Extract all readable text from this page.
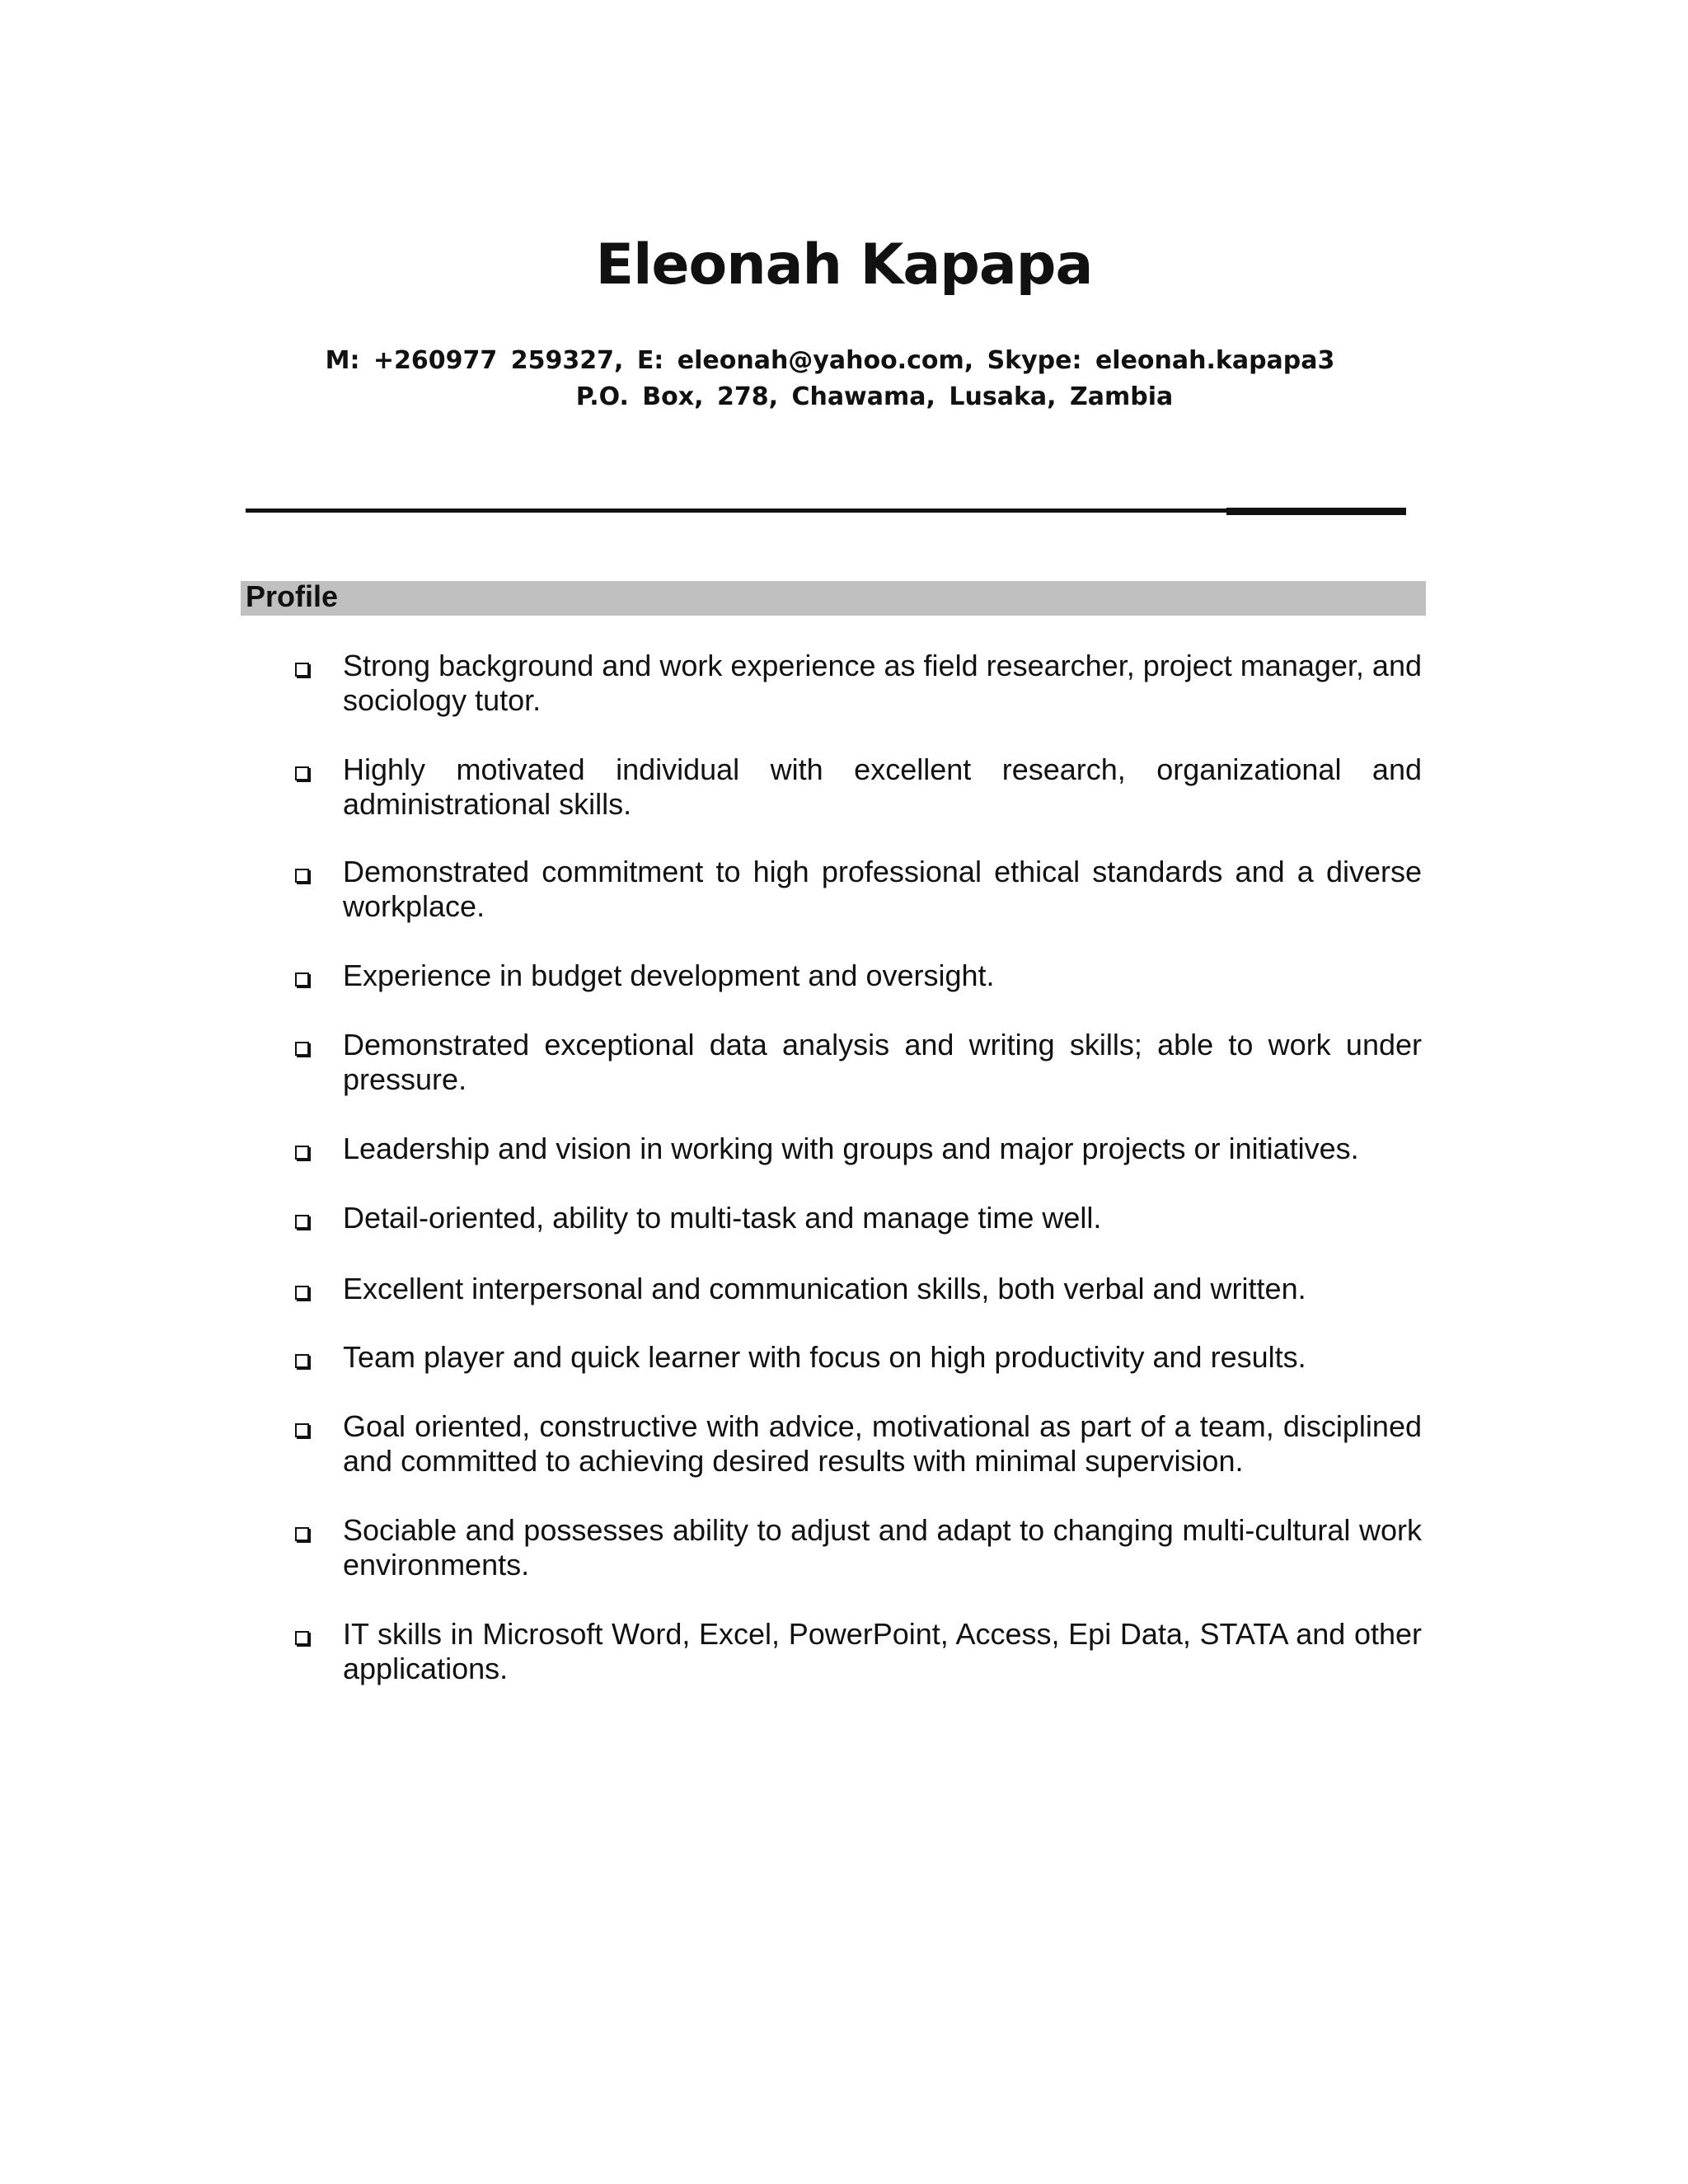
Eleonah Kapapa
M: +260977 259327, E: eleonah@yahoo.com, Skype: eleonah.kapapa3
P.O. Box, 278, Chawama, Lusaka, Zambia
Profile
Strong background and work experience as field researcher, project manager, and sociology tutor.
Highly motivated individual with excellent research, organizational and administrational skills.
Demonstrated commitment to high professional ethical standards and a diverse workplace.
Experience in budget development and oversight.
Demonstrated exceptional data analysis and writing skills; able to work under pressure.
Leadership and vision in working with groups and major projects or initiatives.
Detail-oriented, ability to multi-task and manage time well.
Excellent interpersonal and communication skills, both verbal and written.
Team player and quick learner with focus on high productivity and results.
Goal oriented, constructive with advice, motivational as part of a team, disciplined and committed to achieving desired results with minimal supervision.
Sociable and possesses ability to adjust and adapt to changing multi-cultural work environments.
IT skills in Microsoft Word, Excel, PowerPoint, Access, Epi Data, STATA and other applications.
